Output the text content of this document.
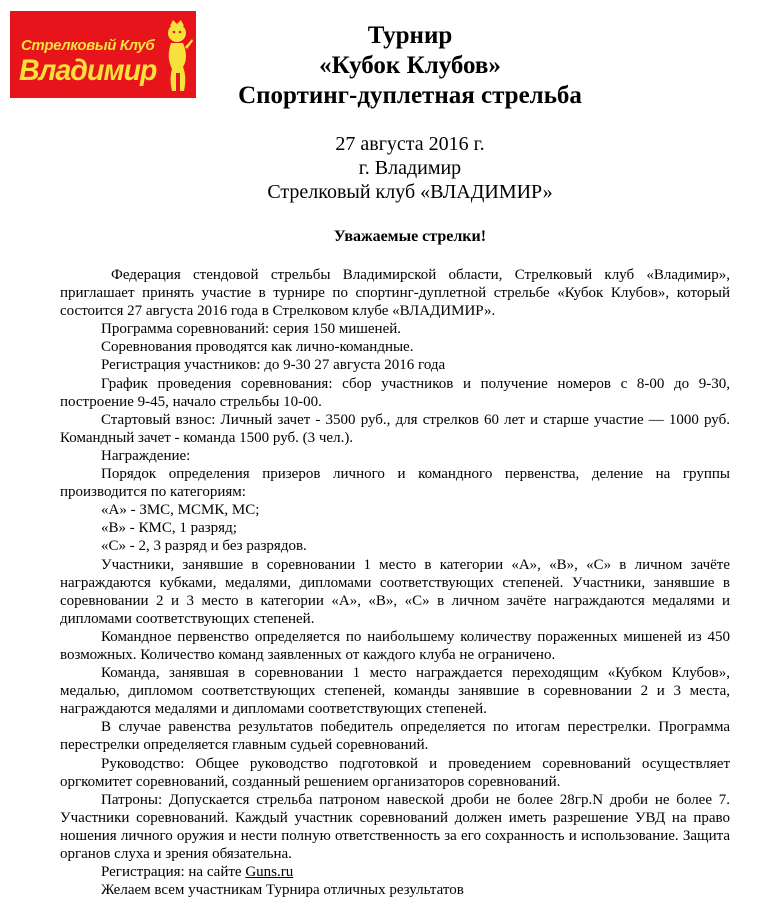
Стрелковый Клуб
Владимир
Турнир
«Кубок Клубов»
Спортинг-дуплетная стрельба
27 августа 2016 г.
г. Владимир
Стрелковый клуб «ВЛАДИМИР»
Уважаемые стрелки!

Федерация стендовой стрельбы Владимирской области, Стрелковый клуб «Владимир», приглашает принять участие в турнире по спортинг-дуплетной стрельбе «Кубок Клубов», который состоится 27 августа 2016 года в Стрелковом клубе «ВЛАДИМИР».

Программа соревнований: серия 150 мишеней.

Соревнования проводятся как лично-командные.

Регистрация участников: до 9-30 27 августа 2016 года

График проведения соревнования: сбор участников и получение номеров с 8-00 до 9-30, построение 9-45, начало стрельбы 10-00.

Стартовый взнос: Личный зачет - 3500 руб., для стрелков 60 лет и старше участие — 1000 руб. Командный зачет - команда 1500 руб. (3 чел.).

Награждение:

Порядок определения призеров личного и командного первенства, деление на группы производится по категориям:

«А» - ЗМС, МСМК, МС;

«В» - КМС, 1 разряд;

«С» - 2, 3 разряд и без разрядов.

Участники, занявшие в соревновании 1 место в категории «А», «В», «С» в личном зачёте награждаются кубками, медалями, дипломами соответствующих степеней. Участники, занявшие в соревновании 2 и 3 место в категории «А», «В», «С» в личном зачёте награждаются медалями и дипломами соответствующих степеней.

Командное первенство определяется по наибольшему количеству пораженных мишеней из 450 возможных. Количество команд заявленных от каждого клуба не ограничено.

Команда, занявшая в соревновании 1 место награждается переходящим «Кубком Клубов», медалью, дипломом соответствующих степеней, команды занявшие в соревновании 2 и 3 места, награждаются медалями и дипломами соответствующих степеней.

В случае равенства результатов победитель определяется по итогам перестрелки. Программа перестрелки определяется главным судьей соревнований.

Руководство: Общее руководство подготовкой и проведением соревнований осуществляет оргкомитет соревнований, созданный решением организаторов соревнований.

Патроны: Допускается стрельба патроном навеской дроби не более 28гр.N дроби не более 7. Участники соревнований. Каждый участник соревнований должен иметь разрешение УВД на право ношения личного оружия и нести полную ответственность за его сохранность и использование. Защита органов слуха и зрения обязательна.

Регистрация: на сайте Guns.ru

Желаем всем участникам Турнира отличных результатов
